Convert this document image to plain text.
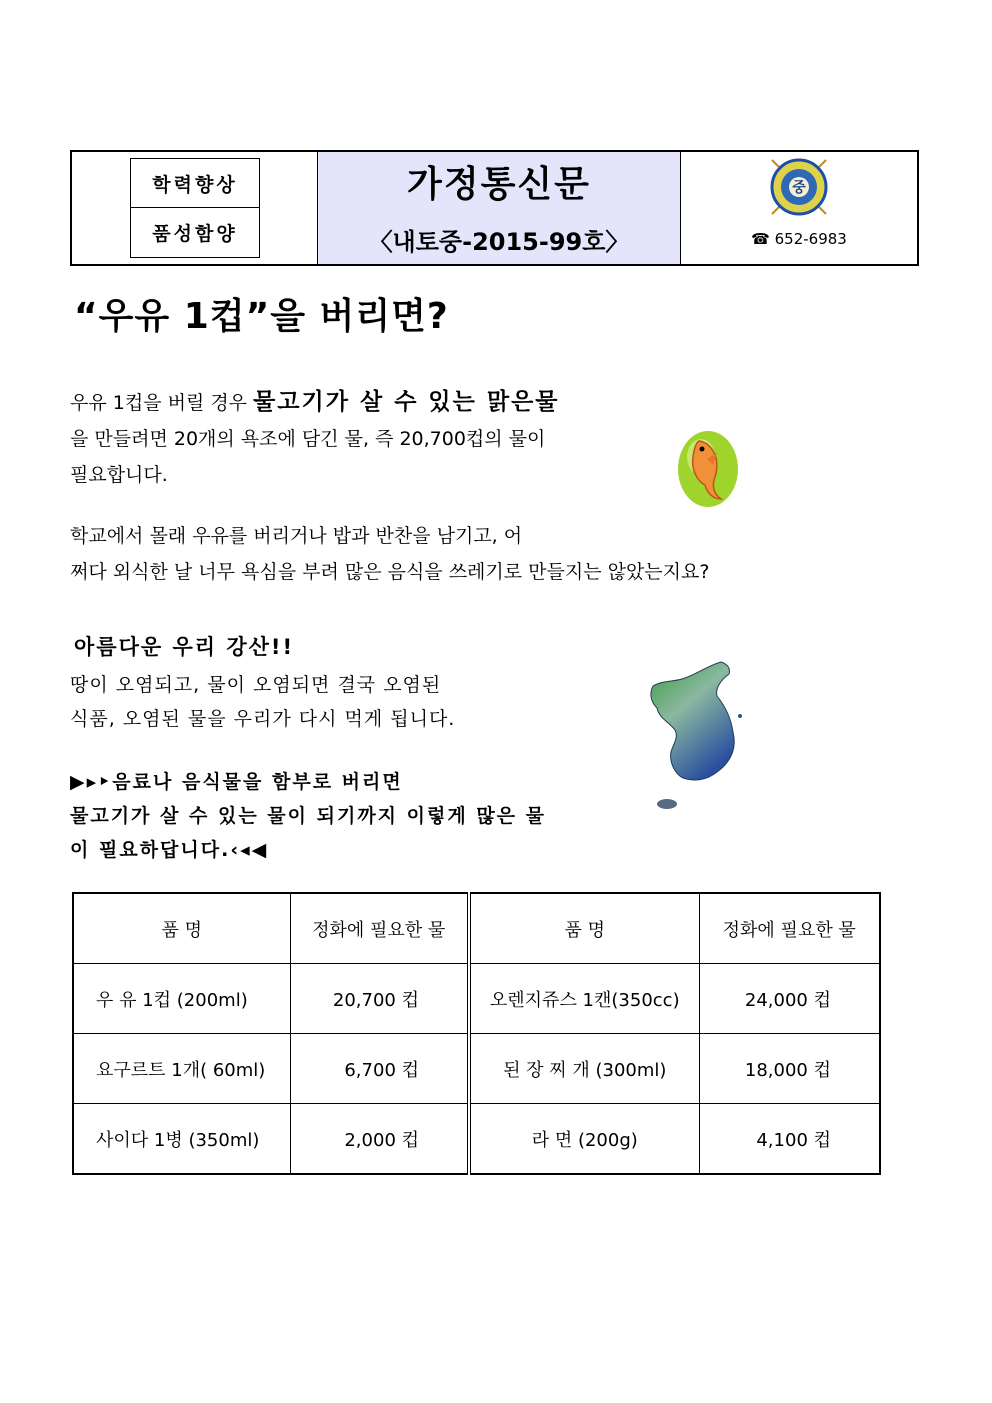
학력향상
품성함양
가정통신문
〈내토중-2015-99호〉
중
☎ 652-6983
“우유 1컵”을 버리면?
우유 1컵을 버릴 경우 물고기가 살 수 있는 맑은물
을 만들려면 20개의 욕조에 담긴 물, 즉 20,700컵의 물이
필요합니다.
학교에서 몰래 우유를 버리거나 밥과 반찬을 남기고, 어
쩌다 외식한 날 너무 욕심을 부려 많은 음식을 쓰레기로 만들지는 않았는지요?
아름다운 우리 강산!!
땅이 오염되고, 물이 오염되면 결국 오염된
식품, 오염된 물을 우리가 다시 먹게 됩니다.
▶▸‣음료나 음식물을 함부로 버리면
물고기가 살 수 있는 물이 되기까지 이렇게 많은 물
이 필요하답니다.‹◂◀
품 명	정화에 필요한 물	품 명	정화에 필요한 물
우 유 1컵 (200ml)	20,700 컵	오렌지쥬스 1캔(350cc)	24,000 컵
요구르트 1개( 60ml)	6,700 컵	된 장 찌 개 (300ml)	18,000 컵
사이다 1병 (350ml)	2,000 컵	라 면 (200g)	4,100 컵
